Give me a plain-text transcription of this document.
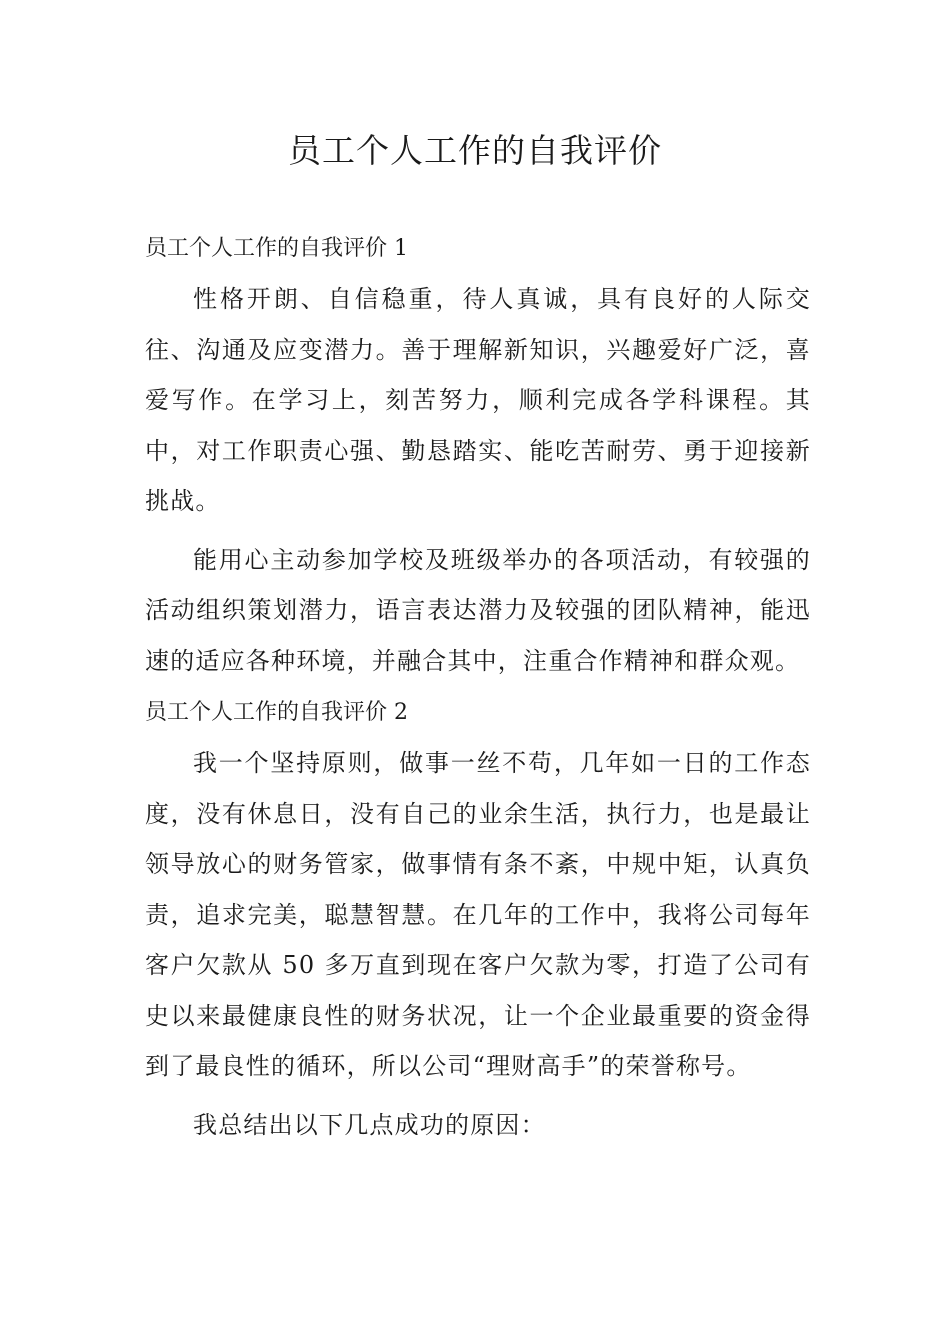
员工个人工作的自我评价

员工个人工作的自我评价 1

性格开朗、自信稳重，待人真诚，具有良好的人际交往、沟通及应变潜力。善于理解新知识，兴趣爱好广泛，喜爱写作。在学习上，刻苦努力，顺利完成各学科课程。其中，对工作职责心强、勤恳踏实、能吃苦耐劳、勇于迎接新挑战。

能用心主动参加学校及班级举办的各项活动，有较强的活动组织策划潜力，语言表达潜力及较强的团队精神，能迅速的适应各种环境，并融合其中，注重合作精神和群众观。

员工个人工作的自我评价 2

我一个坚持原则，做事一丝不苟，几年如一日的工作态度，没有休息日，没有自己的业余生活，执行力，也是最让领导放心的财务管家，做事情有条不紊，中规中矩，认真负责，追求完美，聪慧智慧。在几年的工作中，我将公司每年客户欠款从 50 多万直到现在客户欠款为零，打造了公司有史以来最健康良性的财务状况，让一个企业最重要的资金得到了最良性的循环，所以公司“理财高手”的荣誉称号。

我总结出以下几点成功的原因：
